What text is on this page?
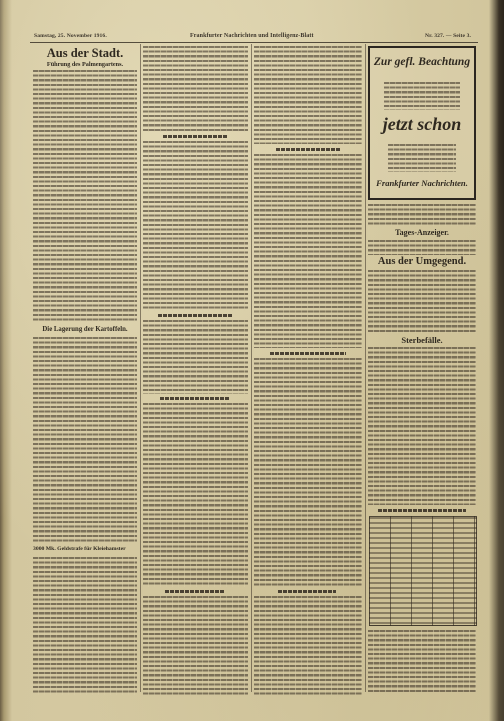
Samstag, 25. November 1916.	Frankfurter Nachrichten und Intelligenz-Blatt	Nr. 327. — Seite 3.
Aus der Stadt.
Führung des Palmengartens.
Die Lagerung der Kartoffeln.
3000 Mk. Geldstrafe für Kleiehamster
Zur gefl. Beachtung
jetzt schon
Frankfurter Nachrichten.
Tages-Anzeiger.
Aus der Umgegend.
Sterbefälle.
